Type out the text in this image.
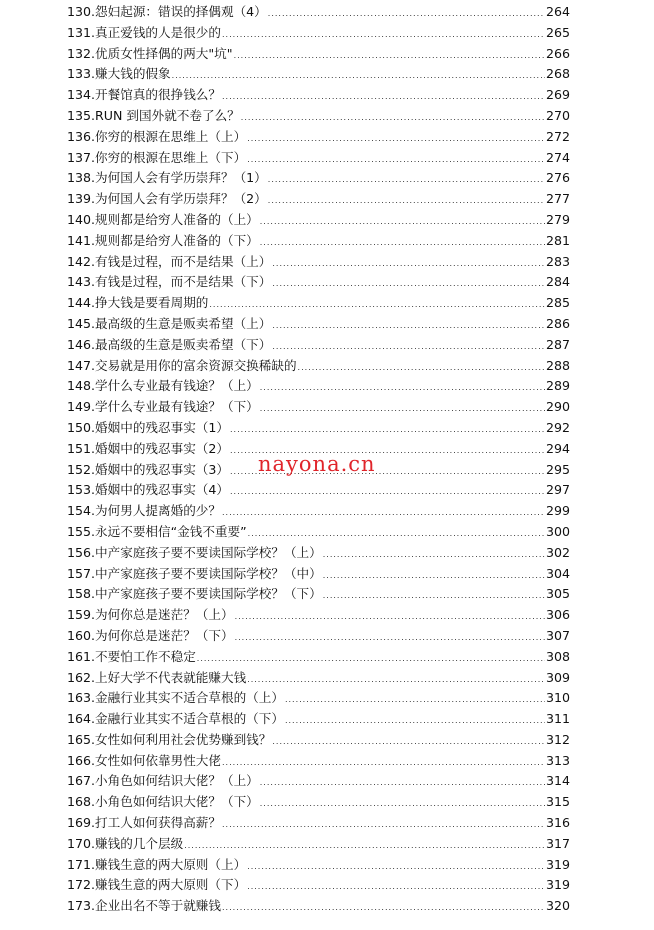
130.怨妇起源：错误的择偶观（4） .....	264
131.真正爱钱的人是很少的 .....	265
132.优质女性择偶的两大"坑" .....	266
133.赚大钱的假象 .....	268
134.开餐馆真的很挣钱么？ .....	269
135.RUN 到国外就不卷了么？ .....	270
136.你穷的根源在思维上（上） .....	272
137.你穷的根源在思维上（下） .....	274
138.为何国人会有学历崇拜？（1） .....	276
139.为何国人会有学历崇拜？（2） .....	277
140.规则都是给穷人准备的（上） .....	279
141.规则都是给穷人准备的（下） .....	281
142.有钱是过程，而不是结果（上） .....	283
143.有钱是过程，而不是结果（下） .....	284
144.挣大钱是要看周期的 .....	285
145.最高级的生意是贩卖希望（上） .....	286
146.最高级的生意是贩卖希望（下） .....	287
147.交易就是用你的富余资源交换稀缺的 .....	288
148.学什么专业最有钱途？（上） .....	289
149.学什么专业最有钱途？（下） .....	290
150.婚姻中的残忍事实（1） .....	292
151.婚姻中的残忍事实（2） .....	294
152.婚姻中的残忍事实（3） .....	295
153.婚姻中的残忍事实（4） .....	297
154.为何男人提离婚的少？ .....	299
155.永远不要相信“金钱不重要” .....	300
156.中产家庭孩子要不要读国际学校？（上） .....	302
157.中产家庭孩子要不要读国际学校？（中） .....	304
158.中产家庭孩子要不要读国际学校？（下） .....	305
159.为何你总是迷茫？（上） .....	306
160.为何你总是迷茫？（下） .....	307
161.不要怕工作不稳定 .....	308
162.上好大学不代表就能赚大钱 .....	309
163.金融行业其实不适合草根的（上） .....	310
164.金融行业其实不适合草根的（下） .....	311
165.女性如何利用社会优势赚到钱？ .....	312
166.女性如何依靠男性大佬 .....	313
167.小角色如何结识大佬？（上） .....	314
168.小角色如何结识大佬？（下） .....	315
169.打工人如何获得高薪？ .....	316
170.赚钱的几个层级 .....	317
171.赚钱生意的两大原则（上） .....	319
172.赚钱生意的两大原则（下） .....	319
173.企业出名不等于就赚钱 .....	320
nayona.cn
